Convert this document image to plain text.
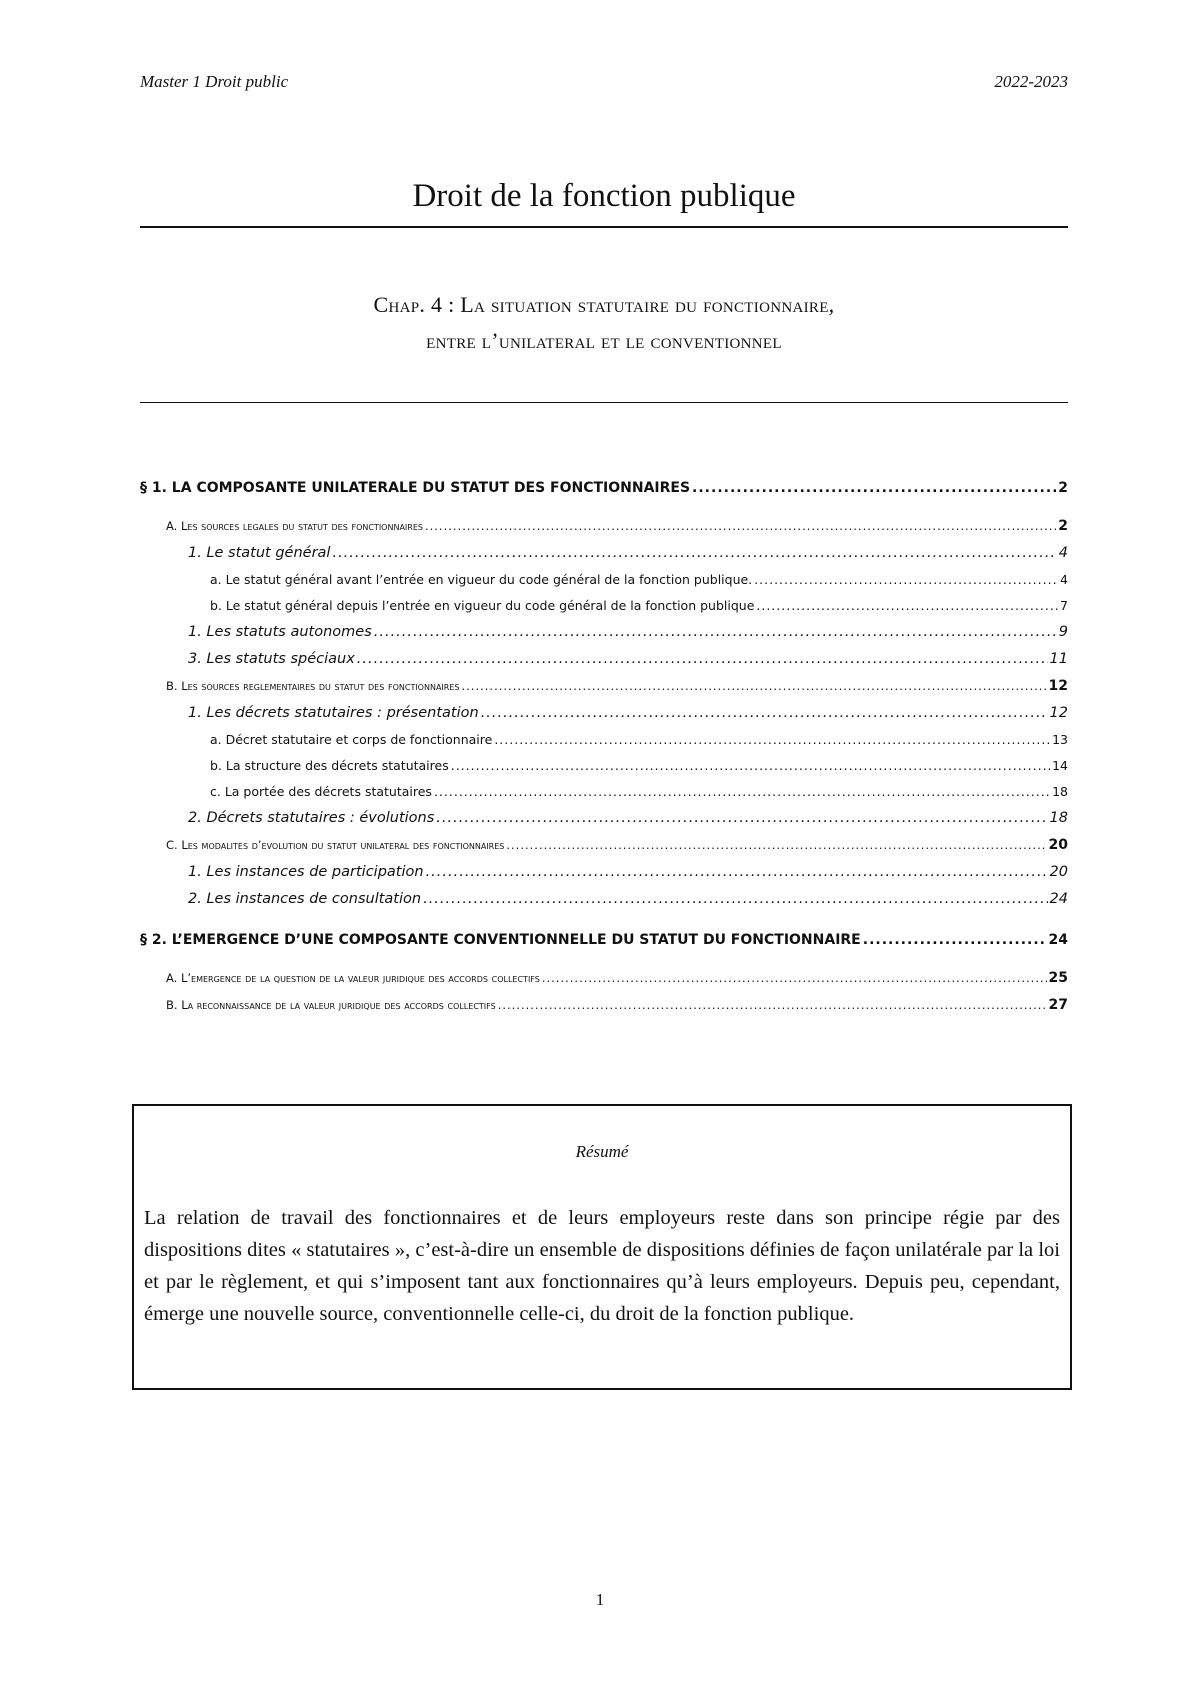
Master 1 Droit public	2022-2023
Droit de la fonction publique
Chap. 4 : La situation statutaire du fonctionnaire,
entre l’unilateral et le conventionnel
§ 1. LA COMPOSANTE UNILATERALE DU STATUT DES FONCTIONNAIRES .....	2
A. Les sources legales du statut des fonctionnaires .....	2
1. Le statut général .....	4
a. Le statut général avant l’entrée en vigueur du code général de la fonction publique. .....	4
b. Le statut général depuis l’entrée en vigueur du code général de la fonction publique .....	7
1. Les statuts autonomes .....	9
3. Les statuts spéciaux .....	11
B. Les sources reglementaires du statut des fonctionnaires .....	12
1. Les décrets statutaires : présentation .....	12
a. Décret statutaire et corps de fonctionnaire .....	13
b. La structure des décrets statutaires .....	14
c. La portée des décrets statutaires .....	18
2. Décrets statutaires : évolutions .....	18
C. Les modalites d’evolution du statut unilateral des fonctionnaires .....	20
1. Les instances de participation .....	20
2. Les instances de consultation .....	24
§ 2. L’EMERGENCE D’UNE COMPOSANTE CONVENTIONNELLE DU STATUT DU FONCTIONNAIRE .....	24
A. L’emergence de la question de la valeur juridique des accords collectifs .....	25
B. La reconnaissance de la valeur juridique des accords collectifs .....	27
Résumé
La relation de travail des fonctionnaires et de leurs employeurs reste dans son principe régie par des dispositions dites « statutaires », c’est-à-dire un ensemble de dispositions définies de façon unilatérale par la loi et par le règlement, et qui s’imposent tant aux fonctionnaires qu’à leurs employeurs. Depuis peu, cependant, émerge une nouvelle source, conventionnelle celle-ci, du droit de la fonction publique.
1
